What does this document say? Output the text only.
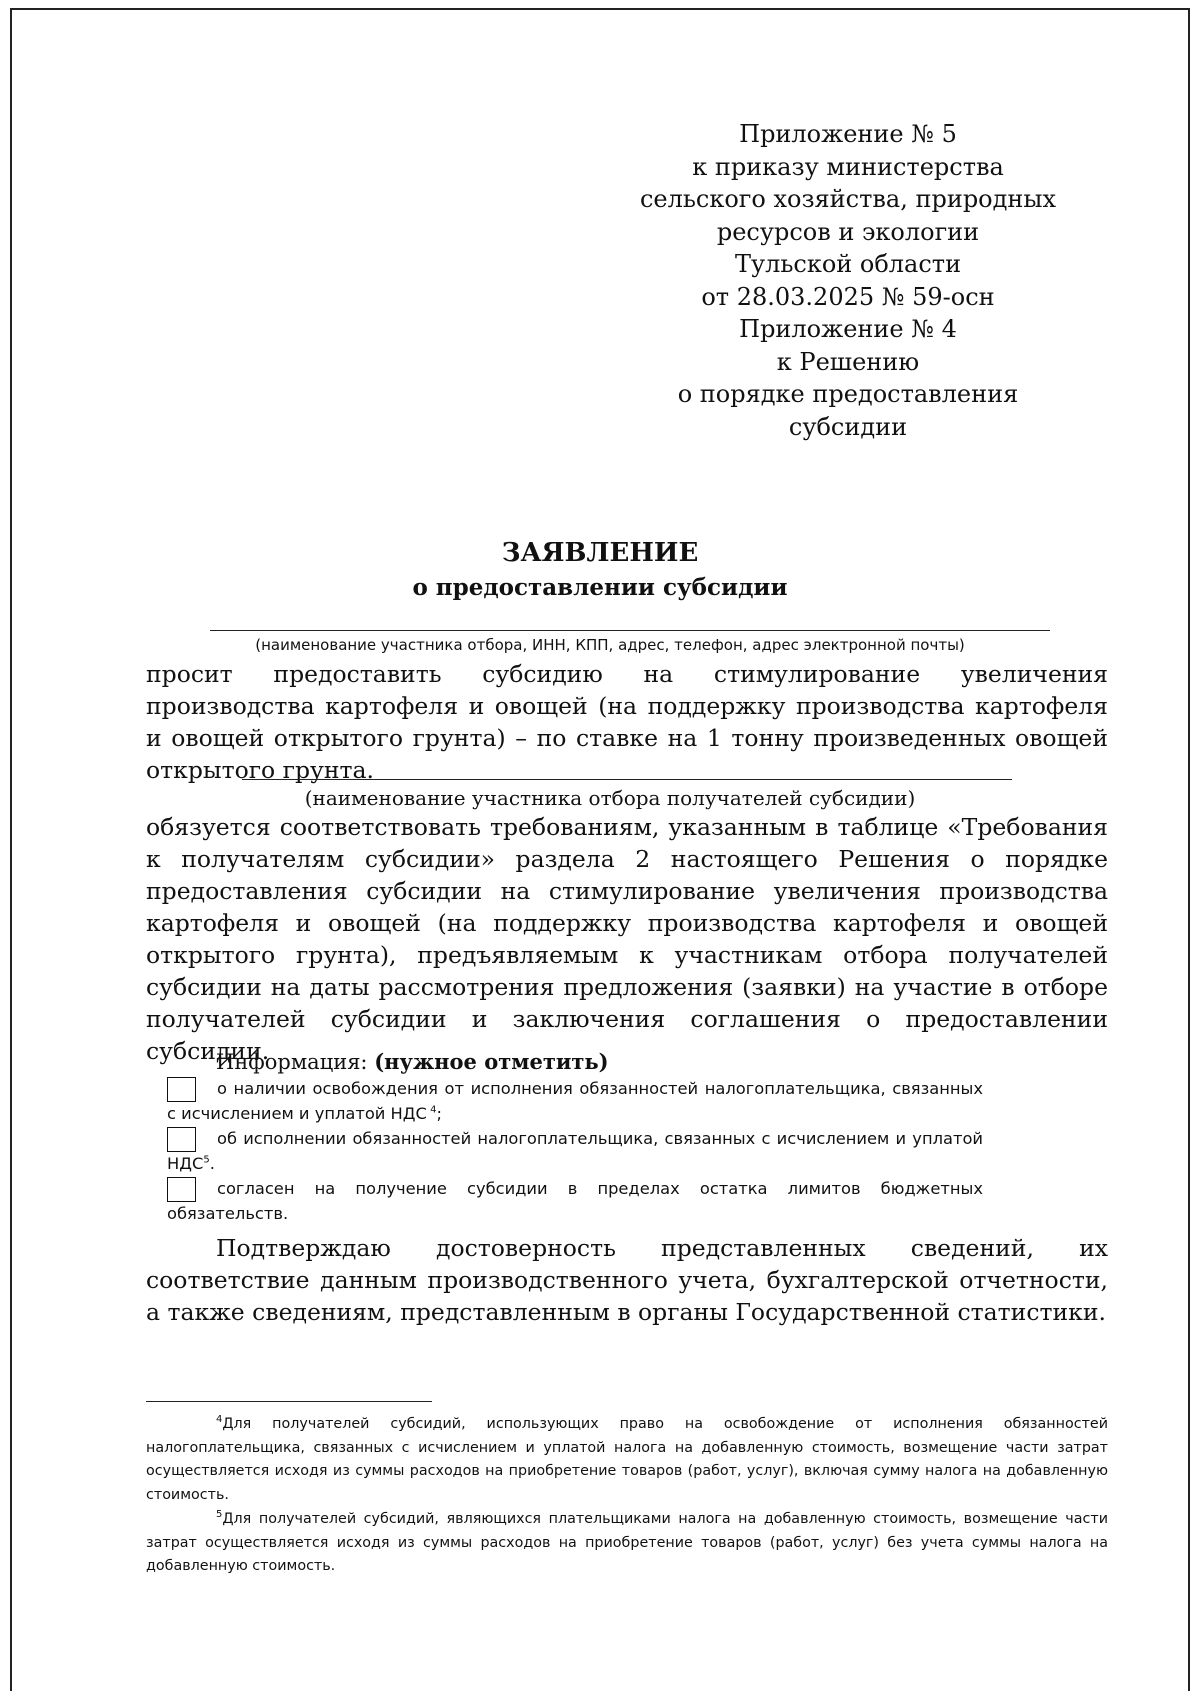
Приложение № 5
к приказу министерства
сельского хозяйства, природных
ресурсов и экологии
Тульской области
от 28.03.2025 № 59-осн
Приложение № 4
к Решению
о порядке предоставления
субсидии
ЗАЯВЛЕНИЕ
о предоставлении субсидии
(наименование участника отбора, ИНН, КПП, адрес, телефон, адрес электронной почты)
просит предоставить субсидию на стимулирование увеличения производства картофеля и овощей (на поддержку производства картофеля и овощей открытого грунта) – по ставке на 1 тонну произведенных овощей открытого грунта.
(наименование участника отбора получателей субсидии)
обязуется соответствовать требованиям, указанным в таблице «Требования к получателям субсидии» раздела 2 настоящего Решения о порядке предоставления субсидии на стимулирование увеличения производства картофеля и овощей (на поддержку производства картофеля и овощей открытого грунта), предъявляемым к участникам отбора получателей субсидии на даты рассмотрения предложения (заявки) на участие в отборе получателей субсидии и заключения соглашения о предоставлении субсидии.
Информация: (нужное отметить)
о наличии освобождения от исполнения обязанностей налогоплательщика, связанных с исчислением и уплатой НДС $^4$;
об исполнении обязанностей налогоплательщика, связанных с исчислением и уплатой НДС$^5$.
согласен на получение субсидии в пределах остатка лимитов бюджетных обязательств.
Подтверждаю достоверность представленных сведений, их соответствие данным производственного учета, бухгалтерской отчетности, а также сведениям, представленным в органы Государственной статистики.
$^4$Для получателей субсидий, использующих право на освобождение от исполнения обязанностей налогоплательщика, связанных с исчислением и уплатой налога на добавленную стоимость, возмещение части затрат осуществляется исходя из суммы расходов на приобретение товаров (работ, услуг), включая сумму налога на добавленную стоимость.
$^5$Для получателей субсидий, являющихся плательщиками налога на добавленную стоимость, возмещение части затрат осуществляется исходя из суммы расходов на приобретение товаров (работ, услуг) без учета суммы налога на добавленную стоимость.
